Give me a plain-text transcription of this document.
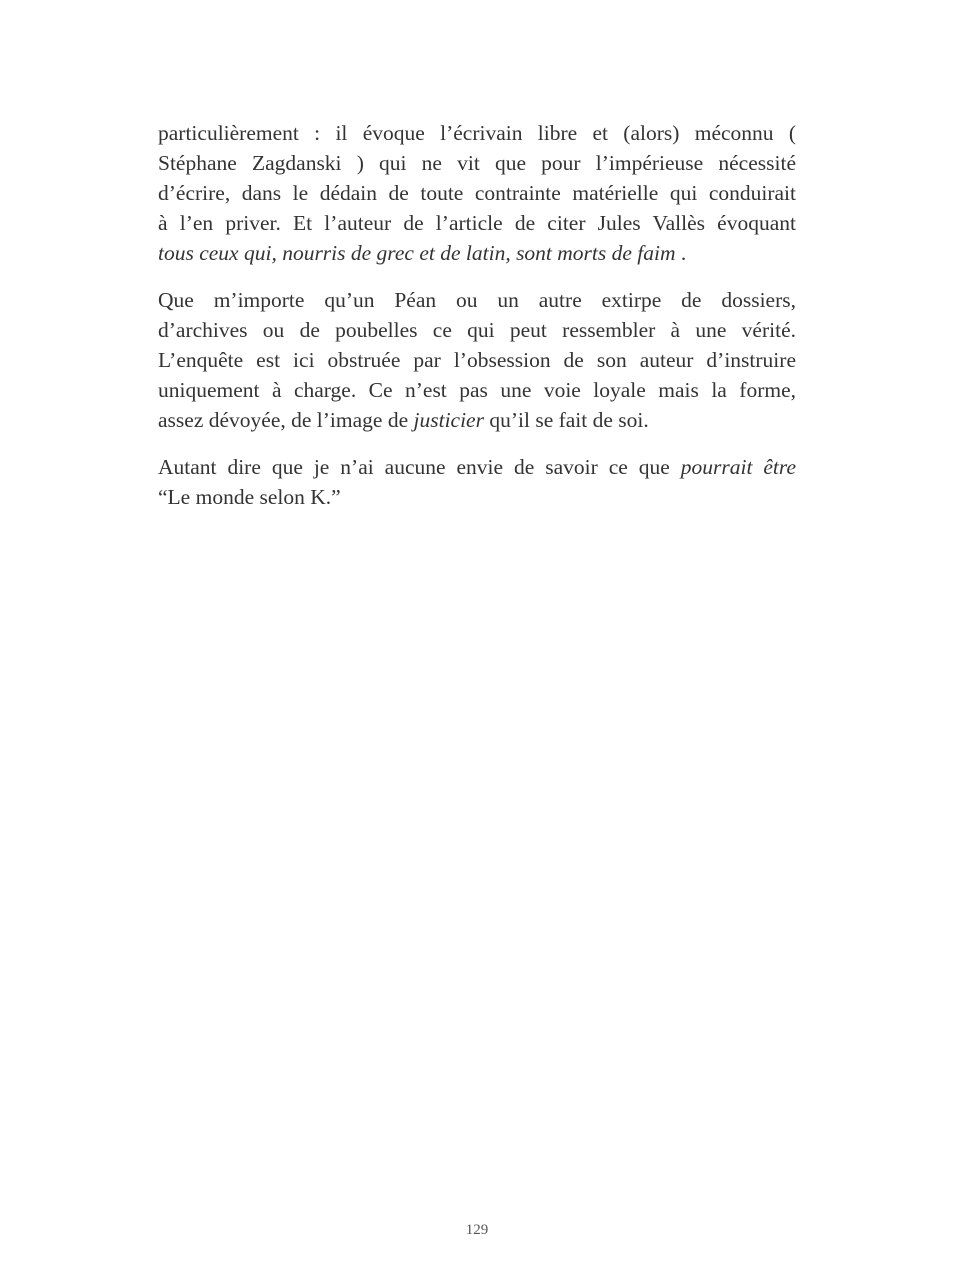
particulièrement : il évoque l’écrivain libre et (alors) méconnu (
Stéphane Zagdanski ) qui ne vit que pour l’impérieuse nécessité
d’écrire, dans le dédain de toute contrainte matérielle qui conduirait
à l’en priver. Et l’auteur de l’article de citer Jules Vallès évoquant
tous ceux qui, nourris de grec et de latin, sont morts de faim .
Que m’importe qu’un Péan ou un autre extirpe de dossiers,
d’archives ou de poubelles ce qui peut ressembler à une vérité.
L’enquête est ici obstruée par l’obsession de son auteur d’instruire
uniquement à charge. Ce n’est pas une voie loyale mais la forme,
assez dévoyée, de l’image de justicier qu’il se fait de soi.
Autant dire que je n’ai aucune envie de savoir ce que pourrait être
“Le monde selon K.”
129
